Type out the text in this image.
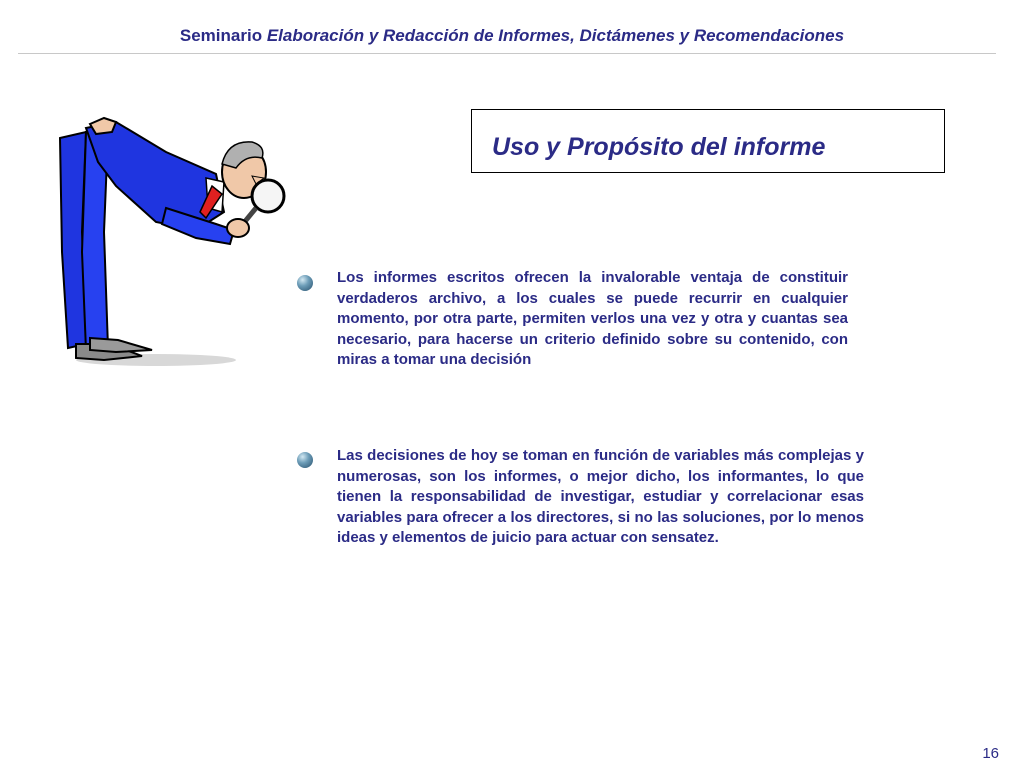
Seminario Elaboración y Redacción de Informes, Dictámenes y Recomendaciones
Uso y Propósito del informe
Los informes escritos ofrecen la invalorable ventaja de constituir verdaderos archivo, a los cuales se puede recurrir en cualquier momento, por otra parte, permiten verlos una vez y otra y cuantas sea necesario, para hacerse un criterio definido sobre su contenido, con miras a tomar una decisión
Las decisiones de hoy se toman en función de variables más complejas y numerosas, son los informes, o mejor dicho, los informantes, lo que tienen la responsabilidad de investigar, estudiar y correlacionar esas variables para ofrecer a los directores, si no las soluciones, por lo menos ideas y elementos de juicio para actuar con sensatez.
16
